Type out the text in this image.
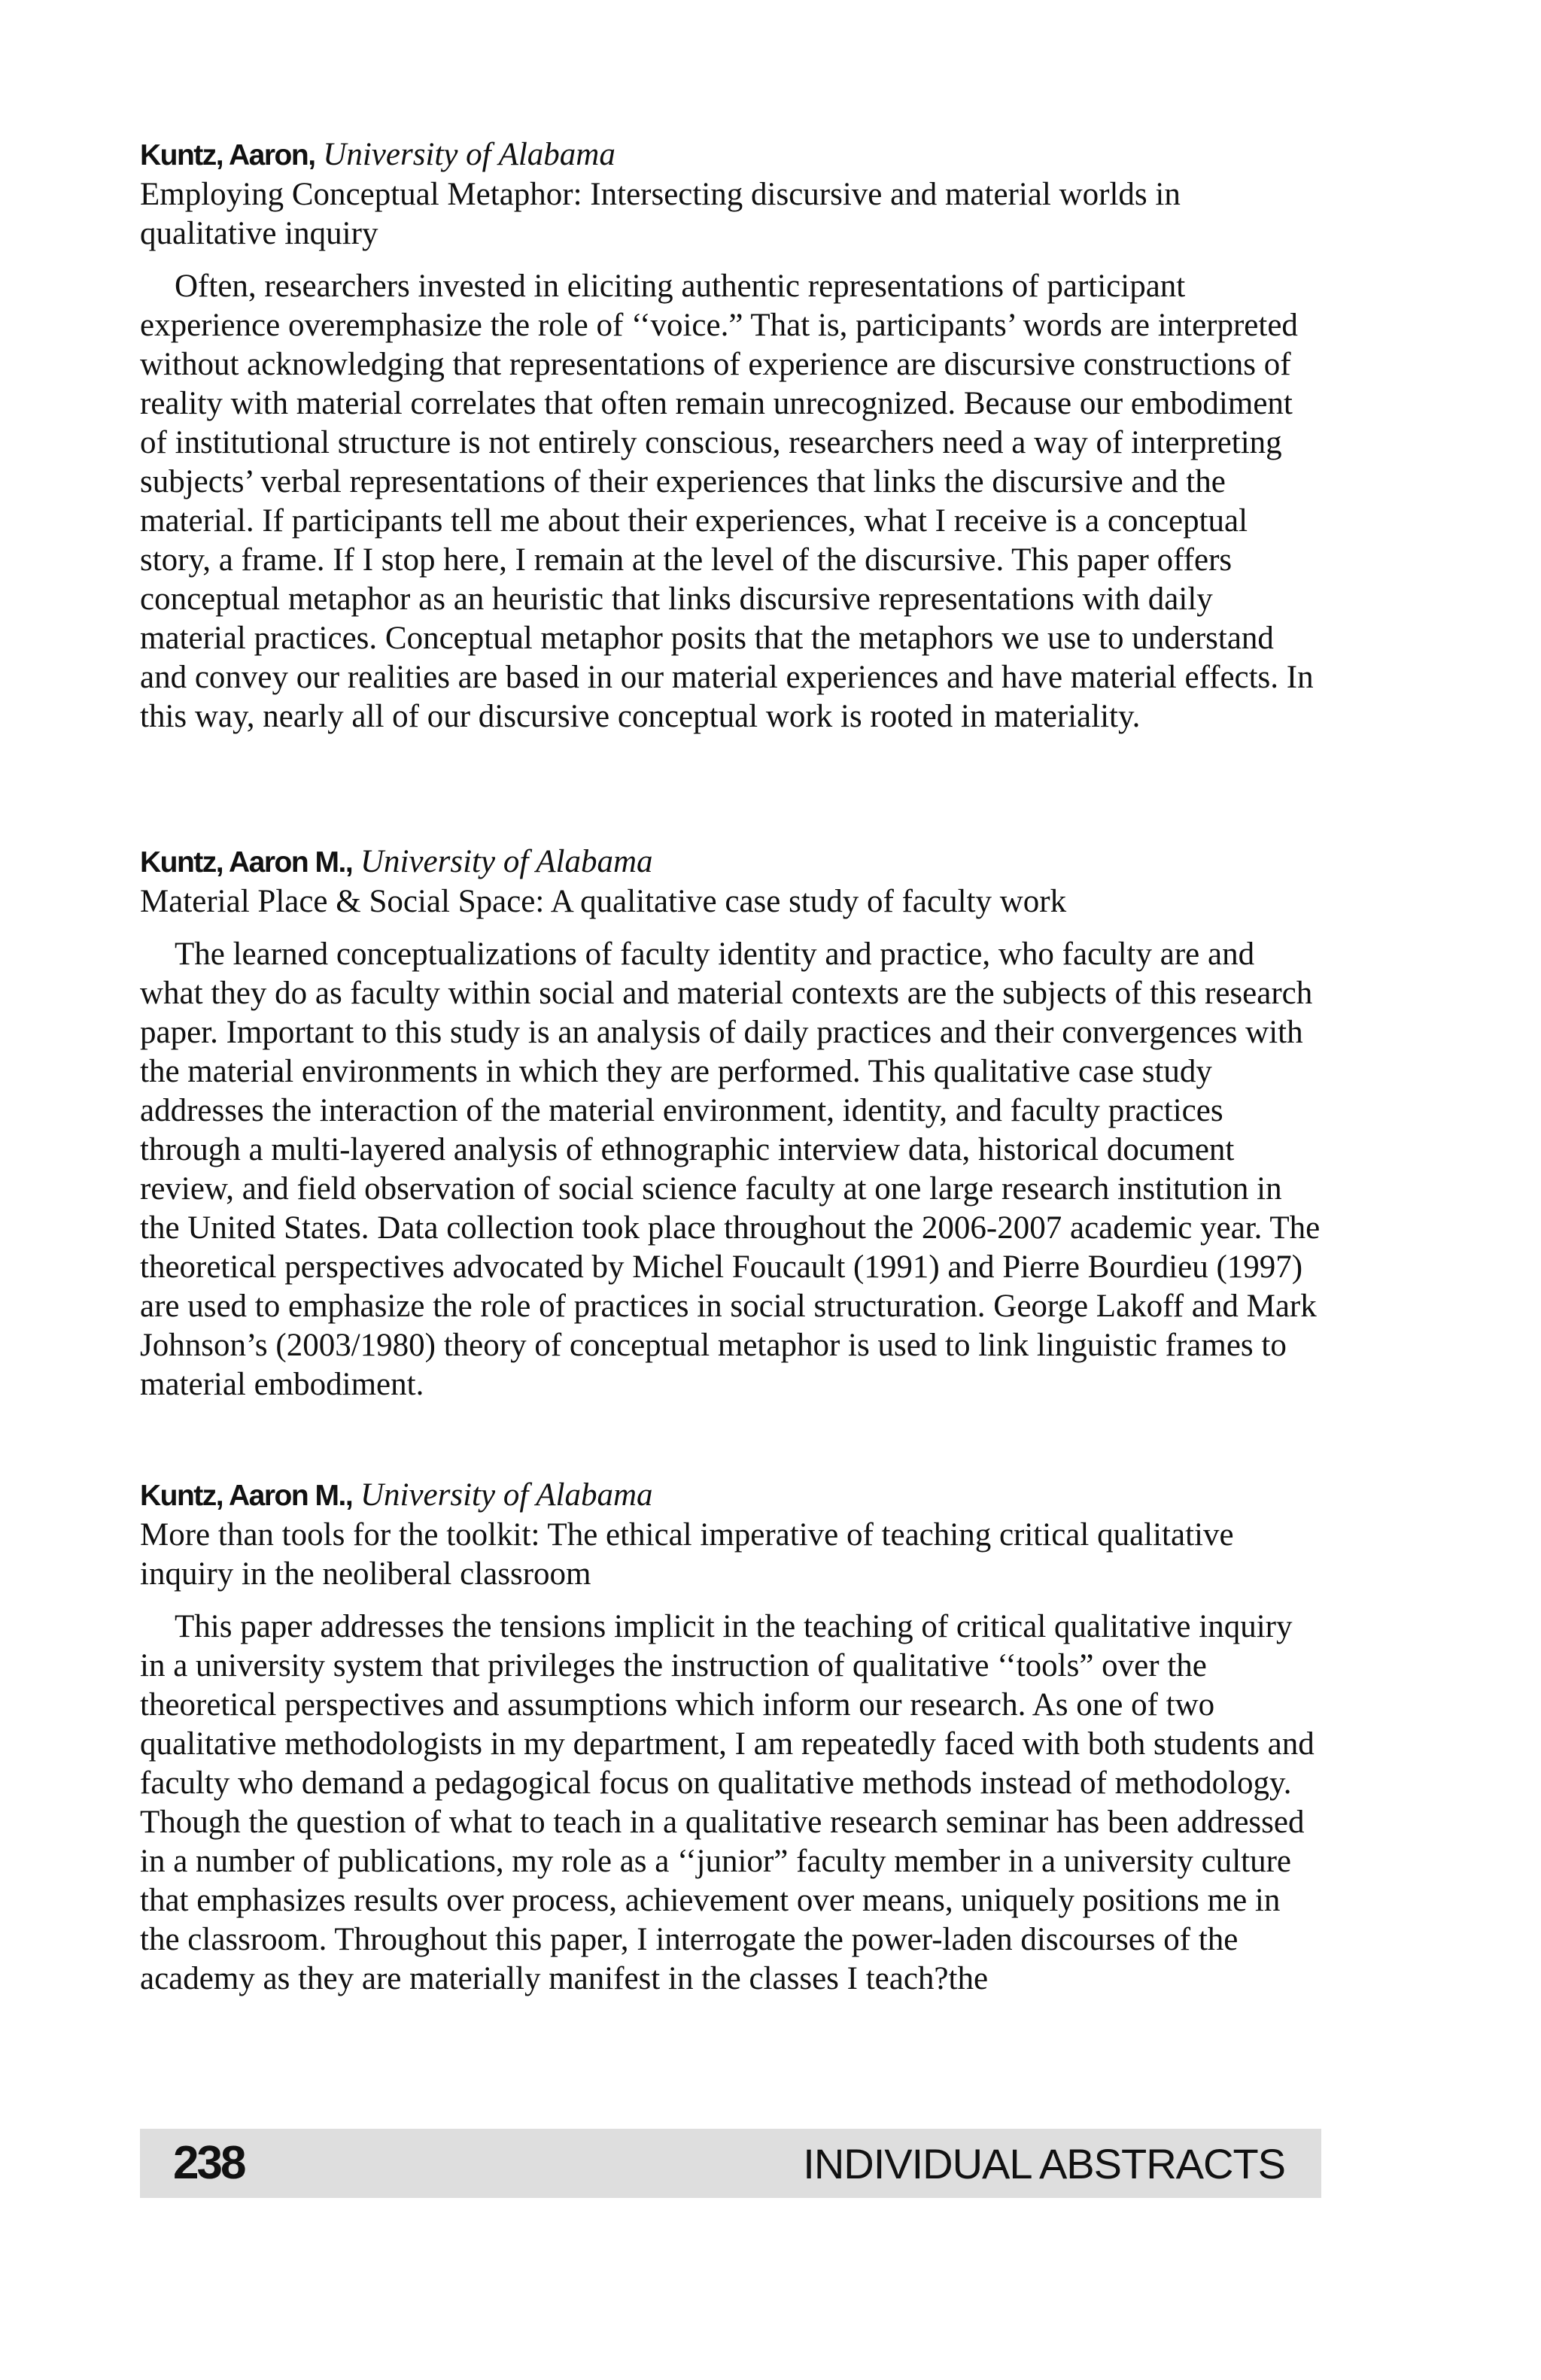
Kuntz, Aaron, University of Alabama

Employing Conceptual Metaphor: Intersecting discursive and material worlds in qualitative inquiry

Often, researchers invested in eliciting authentic representations of participant experience overemphasize the role of ‘‘voice.” That is, participants’ words are interpreted without acknowledging that representations of experience are discursive constructions of reality with material correlates that often remain unrecognized. Because our embodiment of institutional structure is not entirely conscious, researchers need a way of interpreting subjects’ verbal representations of their experiences that links the discursive and the material. If participants tell me about their experiences, what I receive is a conceptual story, a frame. If I stop here, I remain at the level of the discursive. This paper offers conceptual metaphor as an heuristic that links discursive representations with daily material practices. Conceptual metaphor posits that the metaphors we use to understand and convey our realities are based in our material experiences and have material effects. In this way, nearly all of our discursive conceptual work is rooted in materiality.

Kuntz, Aaron M., University of Alabama

Material Place & Social Space: A qualitative case study of faculty work

The learned conceptualizations of faculty identity and practice, who faculty are and what they do as faculty within social and material contexts are the subjects of this research paper. Important to this study is an analysis of daily practices and their convergences with the material environments in which they are performed. This qualitative case study addresses the interaction of the material environment, identity, and faculty practices through a multi-layered analysis of ethnographic interview data, historical document review, and field observation of social science faculty at one large research institution in the United States. Data collection took place throughout the 2006-2007 academic year. The theoretical perspectives advocated by Michel Foucault (1991) and Pierre Bourdieu (1997) are used to emphasize the role of practices in social structuration. George Lakoff and Mark Johnson’s (2003/1980) theory of conceptual metaphor is used to link linguistic frames to material embodiment.

Kuntz, Aaron M., University of Alabama

More than tools for the toolkit: The ethical imperative of teaching critical qualitative inquiry in the neoliberal classroom

This paper addresses the tensions implicit in the teaching of critical qualitative inquiry in a university system that privileges the instruction of qualitative ‘‘tools” over the theoretical perspectives and assumptions which inform our research. As one of two qualitative methodologists in my department, I am repeatedly faced with both students and faculty who demand a pedagogical focus on qualitative methods instead of methodology. Though the question of what to teach in a qualitative research seminar has been addressed in a number of publications, my role as a ‘‘junior” faculty member in a university culture that emphasizes results over process, achievement over means, uniquely positions me in the classroom. Throughout this paper, I interrogate the power-laden discourses of the academy as they are materially manifest in the classes I teach?the

238	INDIVIDUAL ABSTRACTS
